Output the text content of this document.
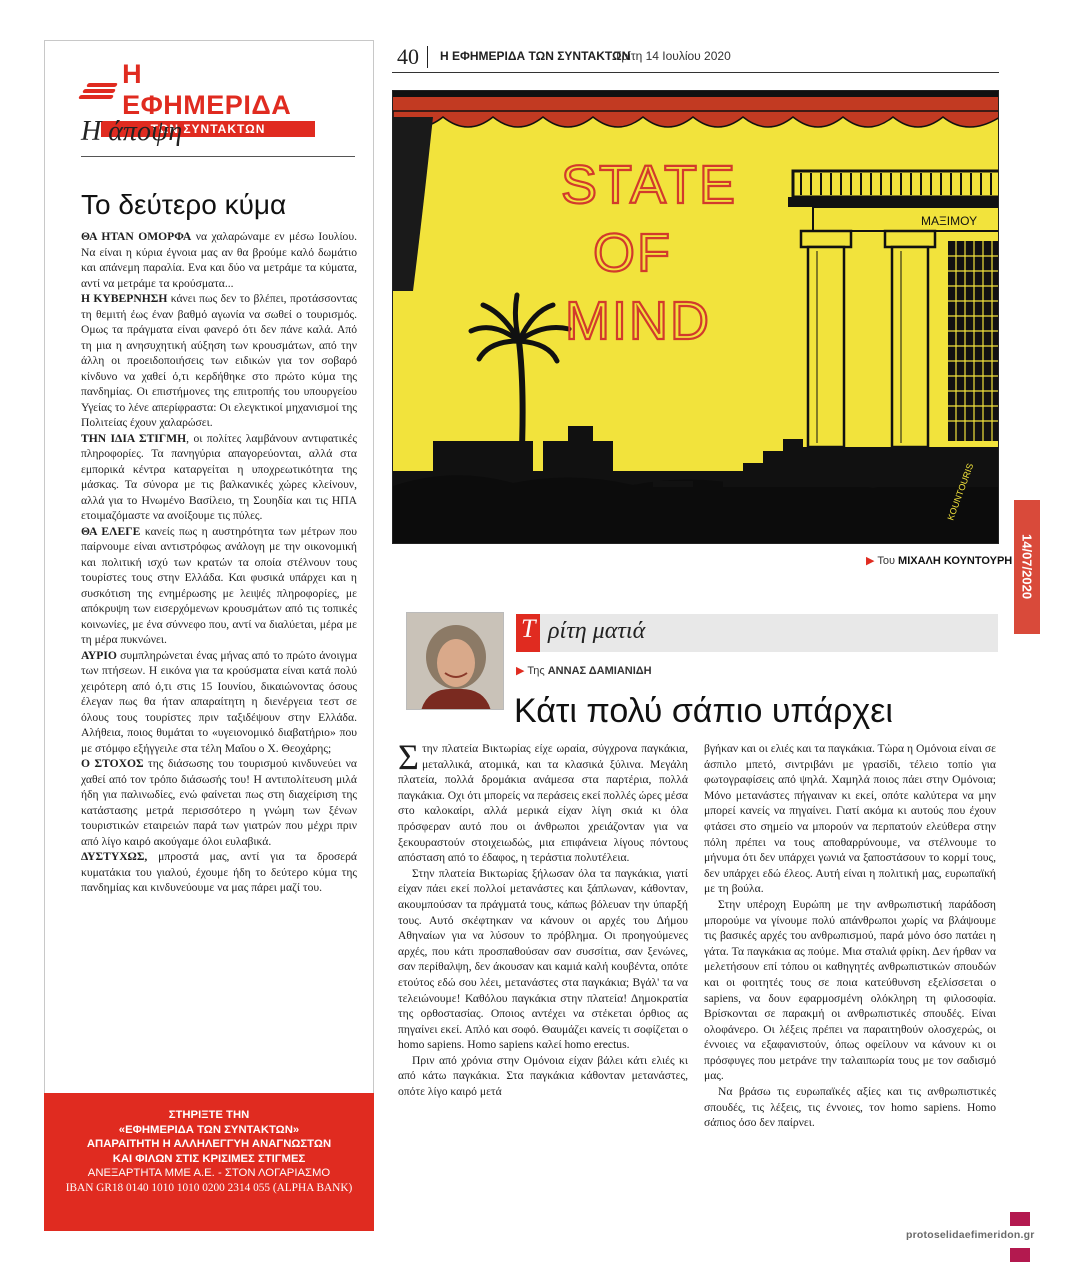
Η ΕΦΗΜΕΡΙΔΑ
ΤΩΝ ΣΥΝΤΑΚΤΩΝ
Η άποψη
Το δεύτερο κύμα

ΘΑ ΗΤΑΝ ΟΜΟΡΦΑ να χαλαρώναμε εν μέσω Ιουλίου. Να είναι η κύρια έγνοια μας αν θα βρούμε καλό δωμάτιο και απάνεμη παραλία. Ενα και δύο να μετράμε τα κύματα, αντί να μετράμε τα κρούσματα...

Η ΚΥΒΕΡΝΗΣΗ κάνει πως δεν το βλέπει, προτάσσοντας τη θεμιτή έως έναν βαθμό αγωνία να σωθεί ο τουρισμός. Ομως τα πράγματα είναι φανερό ότι δεν πάνε καλά. Από τη μια η ανησυχητική αύξηση των κρουσμάτων, από την άλλη οι προειδοποιήσεις των ειδικών για τον σοβαρό κίνδυνο να χαθεί ό,τι κερδήθηκε στο πρώτο κύμα της πανδημίας. Οι επιστήμονες της επιτροπής του υπουργείου Υγείας το λένε απερίφραστα: Οι ελεγκτικοί μηχανισμοί της Πολιτείας έχουν χαλαρώσει.

ΤΗΝ ΙΔΙΑ ΣΤΙΓΜΗ, οι πολίτες λαμβάνουν αντιφατικές πληροφορίες. Τα πανηγύρια απαγορεύονται, αλλά στα εμπορικά κέντρα καταργείται η υποχρεωτικότητα της μάσκας. Τα σύνορα με τις βαλκανικές χώρες κλείνουν, αλλά για το Ηνωμένο Βασίλειο, τη Σουηδία και τις ΗΠΑ ετοιμαζόμαστε να ανοίξουμε τις πύλες.

ΘΑ ΕΛΕΓΕ κανείς πως η αυστηρότητα των μέτρων που παίρνουμε είναι αντιστρόφως ανάλογη με την οικονομική και πολιτική ισχύ των κρατών τα οποία στέλνουν τους τουρίστες τους στην Ελλάδα. Και φυσικά υπάρχει και η συσκότιση της ενημέρωσης με λειψές πληροφορίες, με απόκρυψη των εισερχόμενων κρουσμάτων από τις τοπικές κοινωνίες, με ένα σύννεφο που, αντί να διαλύεται, μέρα με τη μέρα πυκνώνει.

ΑΥΡΙΟ συμπληρώνεται ένας μήνας από το πρώτο άνοιγμα των πτήσεων. Η εικόνα για τα κρούσματα είναι κατά πολύ χειρότερη από ό,τι στις 15 Ιουνίου, δικαιώνοντας όσους έλεγαν πως θα ήταν απαραίτητη η διενέργεια τεστ σε όλους τους τουρίστες πριν ταξιδέψουν στην Ελλάδα. Αλήθεια, ποιος θυμάται το «υγειονομικό διαβατήριο» που με στόμφο εξήγγειλε στα τέλη Μαΐου ο Χ. Θεοχάρης;

Ο ΣΤΟΧΟΣ της διάσωσης του τουρισμού κινδυνεύει να χαθεί από τον τρόπο διάσωσής του! Η αντιπολίτευση μιλά ήδη για παλινωδίες, ενώ φαίνεται πως στη διαχείριση της κατάστασης μετρά περισσότερο η γνώμη των ξένων τουριστικών εταιρειών παρά των γιατρών που μέχρι πριν από λίγο καιρό ακούγαμε όλοι ευλαβικά.

ΔΥΣΤΥΧΩΣ, μπροστά μας, αντί για τα δροσερά κυματάκια του γιαλού, έχουμε ήδη το δεύτερο κύμα της πανδημίας και κινδυνεύουμε να μας πάρει μαζί του.

ΣΤΗΡΙΞΤΕ ΤΗΝ
«ΕΦΗΜΕΡΙΔΑ ΤΩΝ ΣΥΝΤΑΚΤΩΝ»
ΑΠΑΡΑΙΤΗΤΗ Η ΑΛΛΗΛΕΓΓΥΗ ΑΝΑΓΝΩΣΤΩΝ
ΚΑΙ ΦΙΛΩΝ ΣΤΙΣ ΚΡΙΣΙΜΕΣ ΣΤΙΓΜΕΣ
ΑΝΕΞΑΡΤΗΤΑ ΜΜΕ Α.Ε. - ΣΤΟΝ ΛΟΓΑΡΙΑΣΜΟ
IBAN GR18 0140 1010 1010 0200 2314 055 (ALPHA BANK)
40 Η ΕΦΗΜΕΡΙΔΑ ΤΩΝ ΣΥΝΤΑΚΤΩΝ
Τρίτη 14 Ιουλίου 2020
STATE
OF
MIND
ΜΑΞΙΜΟΥ
KOUNTOURIS
▶ Του ΜΙΧΑΛΗ ΚΟΥΝΤΟΥΡΗ 14/07/2020
Τ ρίτη ματιά
▶ Της ΑΝΝΑΣ ΔΑΜΙΑΝΙΔΗ
Κάτι πολύ σάπιο υπάρχει

Στην πλατεία Βικτωρίας είχε ωραία, σύγχρονα παγκάκια, μεταλλικά, ατομικά, και τα κλασικά ξύλινα. Μεγάλη πλατεία, πολλά δρομάκια ανάμεσα στα παρτέρια, πολλά παγκάκια. Οχι ότι μπορείς να περάσεις εκεί πολλές ώρες μέσα στο καλοκαίρι, αλλά μερικά είχαν λίγη σκιά κι όλα πρόσφεραν αυτό που οι άνθρωποι χρειάζονταν για να ξεκουραστούν στοιχειωδώς, μια επιφάνεια λίγους πόντους απόσταση από το έδαφος, η τεράστια πολυτέλεια.

Στην πλατεία Βικτωρίας ξήλωσαν όλα τα παγκάκια, γιατί είχαν πάει εκεί πολλοί μετανάστες και ξάπλωναν, κάθονταν, ακουμπούσαν τα πράγματά τους, κάπως βόλευαν την ύπαρξή τους. Αυτό σκέφτηκαν να κάνουν οι αρχές του Δήμου Αθηναίων για να λύσουν το πρόβλημα. Οι προηγούμενες αρχές, που κάτι προσπαθούσαν σαν συσσίτια, σαν ξενώνες, σαν περίθαλψη, δεν άκουσαν και καμιά καλή κουβέντα, οπότε ετούτος εδώ σου λέει, μετανάστες στα παγκάκια; Βγάλ' τα να τελειώνουμε! Καθόλου παγκάκια στην πλατεία! Δημοκρατία της ορθοστασίας. Οποιος αντέχει να στέκεται όρθιος ας πηγαίνει εκεί. Απλό και σοφό. Θαυμάζει κανείς τι σοφίζεται ο homo sapiens. Homo sapiens καλεί homo erectus.

Πριν από χρόνια στην Ομόνοια είχαν βάλει κάτι ελιές κι από κάτω παγκάκια. Στα παγκάκια κάθονταν μετανάστες, οπότε λίγο καιρό μετά

βγήκαν και οι ελιές και τα παγκάκια. Τώρα η Ομόνοια είναι σε άσπιλο μπετό, σιντριβάνι με γρασίδι, τέλειο τοπίο για φωτογραφίσεις από ψηλά. Χαμηλά ποιος πάει στην Ομόνοια; Μόνο μετανάστες πήγαιναν κι εκεί, οπότε καλύτερα να μην μπορεί κανείς να πηγαίνει. Γιατί ακόμα κι αυτούς που έχουν φτάσει στο σημείο να μπορούν να περπατούν ελεύθερα στην πόλη πρέπει να τους αποθαρρύνουμε, να στέλνουμε το μήνυμα ότι δεν υπάρχει γωνιά να ξαποστάσουν το κορμί τους, δεν υπάρχει εδώ έλεος. Αυτή είναι η πολιτική μας, ευρωπαϊκή με τη βούλα.

Στην υπέροχη Ευρώπη με την ανθρωπιστική παράδοση μπορούμε να γίνουμε πολύ απάνθρωποι χωρίς να βλάψουμε τις βασικές αρχές του ανθρωπισμού, παρά μόνο όσο πατάει η γάτα. Τα παγκάκια ας πούμε. Μια σταλιά φρίκη. Δεν ήρθαν να μελετήσουν επί τόπου οι καθηγητές ανθρωπιστικών σπουδών και οι φοιτητές τους σε ποια κατεύθυνση εξελίσσεται ο sapiens, να δουν εφαρμοσμένη ολόκληρη τη φιλοσοφία. Βρίσκονται σε παρακμή οι ανθρωπιστικές σπουδές. Είναι ολοφάνερο. Οι λέξεις πρέπει να παραιτηθούν ολοσχερώς, οι έννοιες να εξαφανιστούν, όπως οφείλουν να κάνουν κι οι πρόσφυγες που μετράνε την ταλαιπωρία τους με τον σαδισμό μας.

Να βράσω τις ευρωπαϊκές αξίες και τις ανθρωπιστικές σπουδές, τις λέξεις, τις έννοιες, τον homo sapiens. Homo σάπιος όσο δεν παίρνει.

protoselidaefimeridon.gr
